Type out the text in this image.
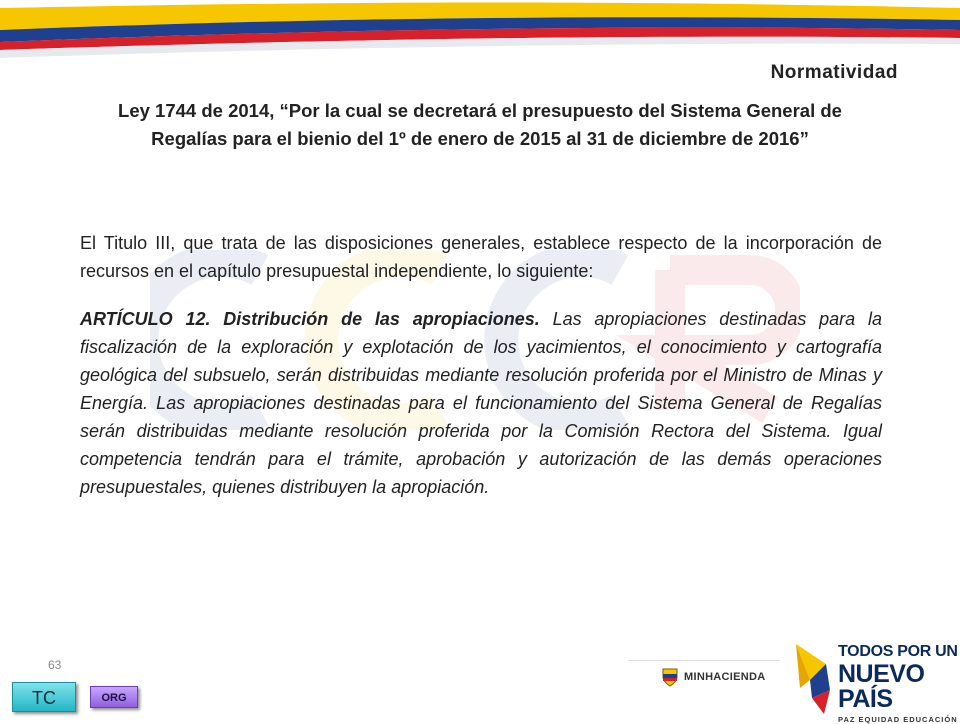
Normatividad
Ley 1744 de 2014, “Por la cual se decretará el presupuesto del Sistema General de
Regalías para el bienio del 1º de enero de 2015 al 31 de diciembre de 2016”

El Titulo III, que trata de las disposiciones generales, establece respecto de la incorporación de recursos en el capítulo presupuestal independiente, lo siguiente:

ARTÍCULO 12. Distribución de las apropiaciones. Las apropiaciones destinadas para la fiscalización de la exploración y explotación de los yacimientos, el conocimiento y cartografía geológica del subsuelo, serán distribuidas mediante resolución proferida por el Ministro de Minas y Energía. Las apropiaciones destinadas para el funcionamiento del Sistema General de Regalías serán distribuidas mediante resolución proferida por la Comisión Rectora del Sistema. Igual competencia tendrán para el trámite, aprobación y autorización de las demás operaciones presupuestales, quienes distribuyen la apropiación.

63
TC	ORG
MINHACIENDA
TODOS POR UN
NUEVO PAÍS
PAZ EQUIDAD EDUCACIÓN
